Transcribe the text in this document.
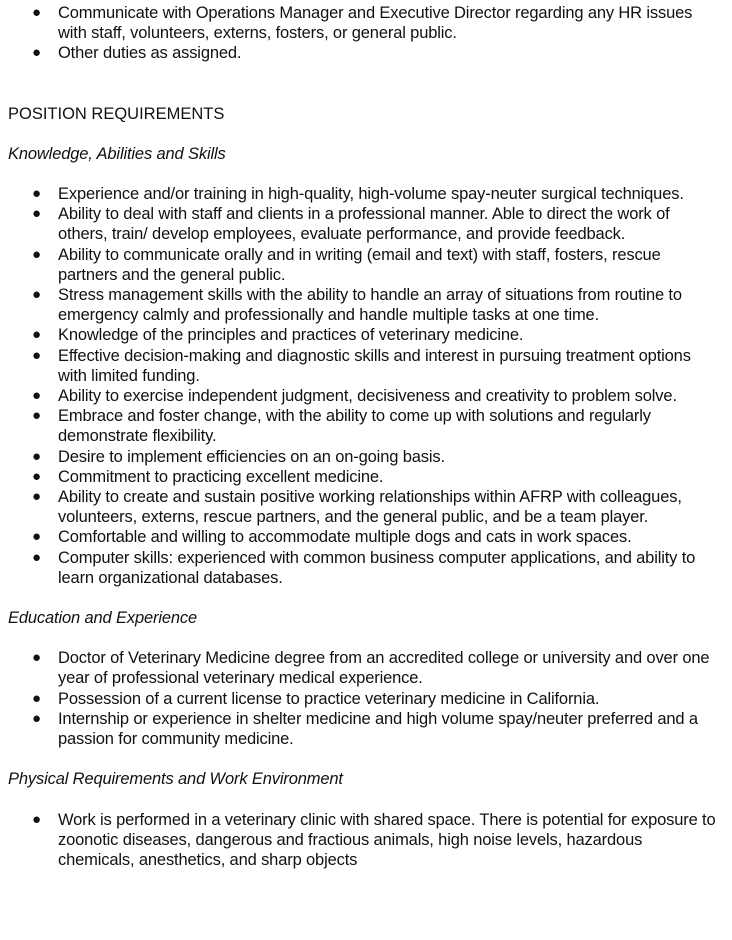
● Communicate with Operations Manager and Executive Director regarding any HR issues with staff, volunteers, externs, fosters, or general public.
● Other duties as assigned.
POSITION REQUIREMENTS
Knowledge, Abilities and Skills
● Experience and/or training in high-quality, high-volume spay-neuter surgical techniques.
● Ability to deal with staff and clients in a professional manner. Able to direct the work of others, train/ develop employees, evaluate performance, and provide feedback.
● Ability to communicate orally and in writing (email and text) with staff, fosters, rescue partners and the general public.
● Stress management skills with the ability to handle an array of situations from routine to emergency calmly and professionally and handle multiple tasks at one time.
● Knowledge of the principles and practices of veterinary medicine.
● Effective decision-making and diagnostic skills and interest in pursuing treatment options with limited funding.
● Ability to exercise independent judgment, decisiveness and creativity to problem solve.
● Embrace and foster change, with the ability to come up with solutions and regularly demonstrate flexibility.
● Desire to implement efficiencies on an on-going basis.
● Commitment to practicing excellent medicine.
● Ability to create and sustain positive working relationships within AFRP with colleagues, volunteers, externs, rescue partners, and the general public, and be a team player.
● Comfortable and willing to accommodate multiple dogs and cats in work spaces.
● Computer skills: experienced with common business computer applications, and ability to learn organizational databases.
Education and Experience
● Doctor of Veterinary Medicine degree from an accredited college or university and over one year of professional veterinary medical experience.
● Possession of a current license to practice veterinary medicine in California.
● Internship or experience in shelter medicine and high volume spay/neuter preferred and a passion for community medicine.
Physical Requirements and Work Environment
● Work is performed in a veterinary clinic with shared space. There is potential for exposure to zoonotic diseases, dangerous and fractious animals, high noise levels, hazardous chemicals, anesthetics, and sharp objects
